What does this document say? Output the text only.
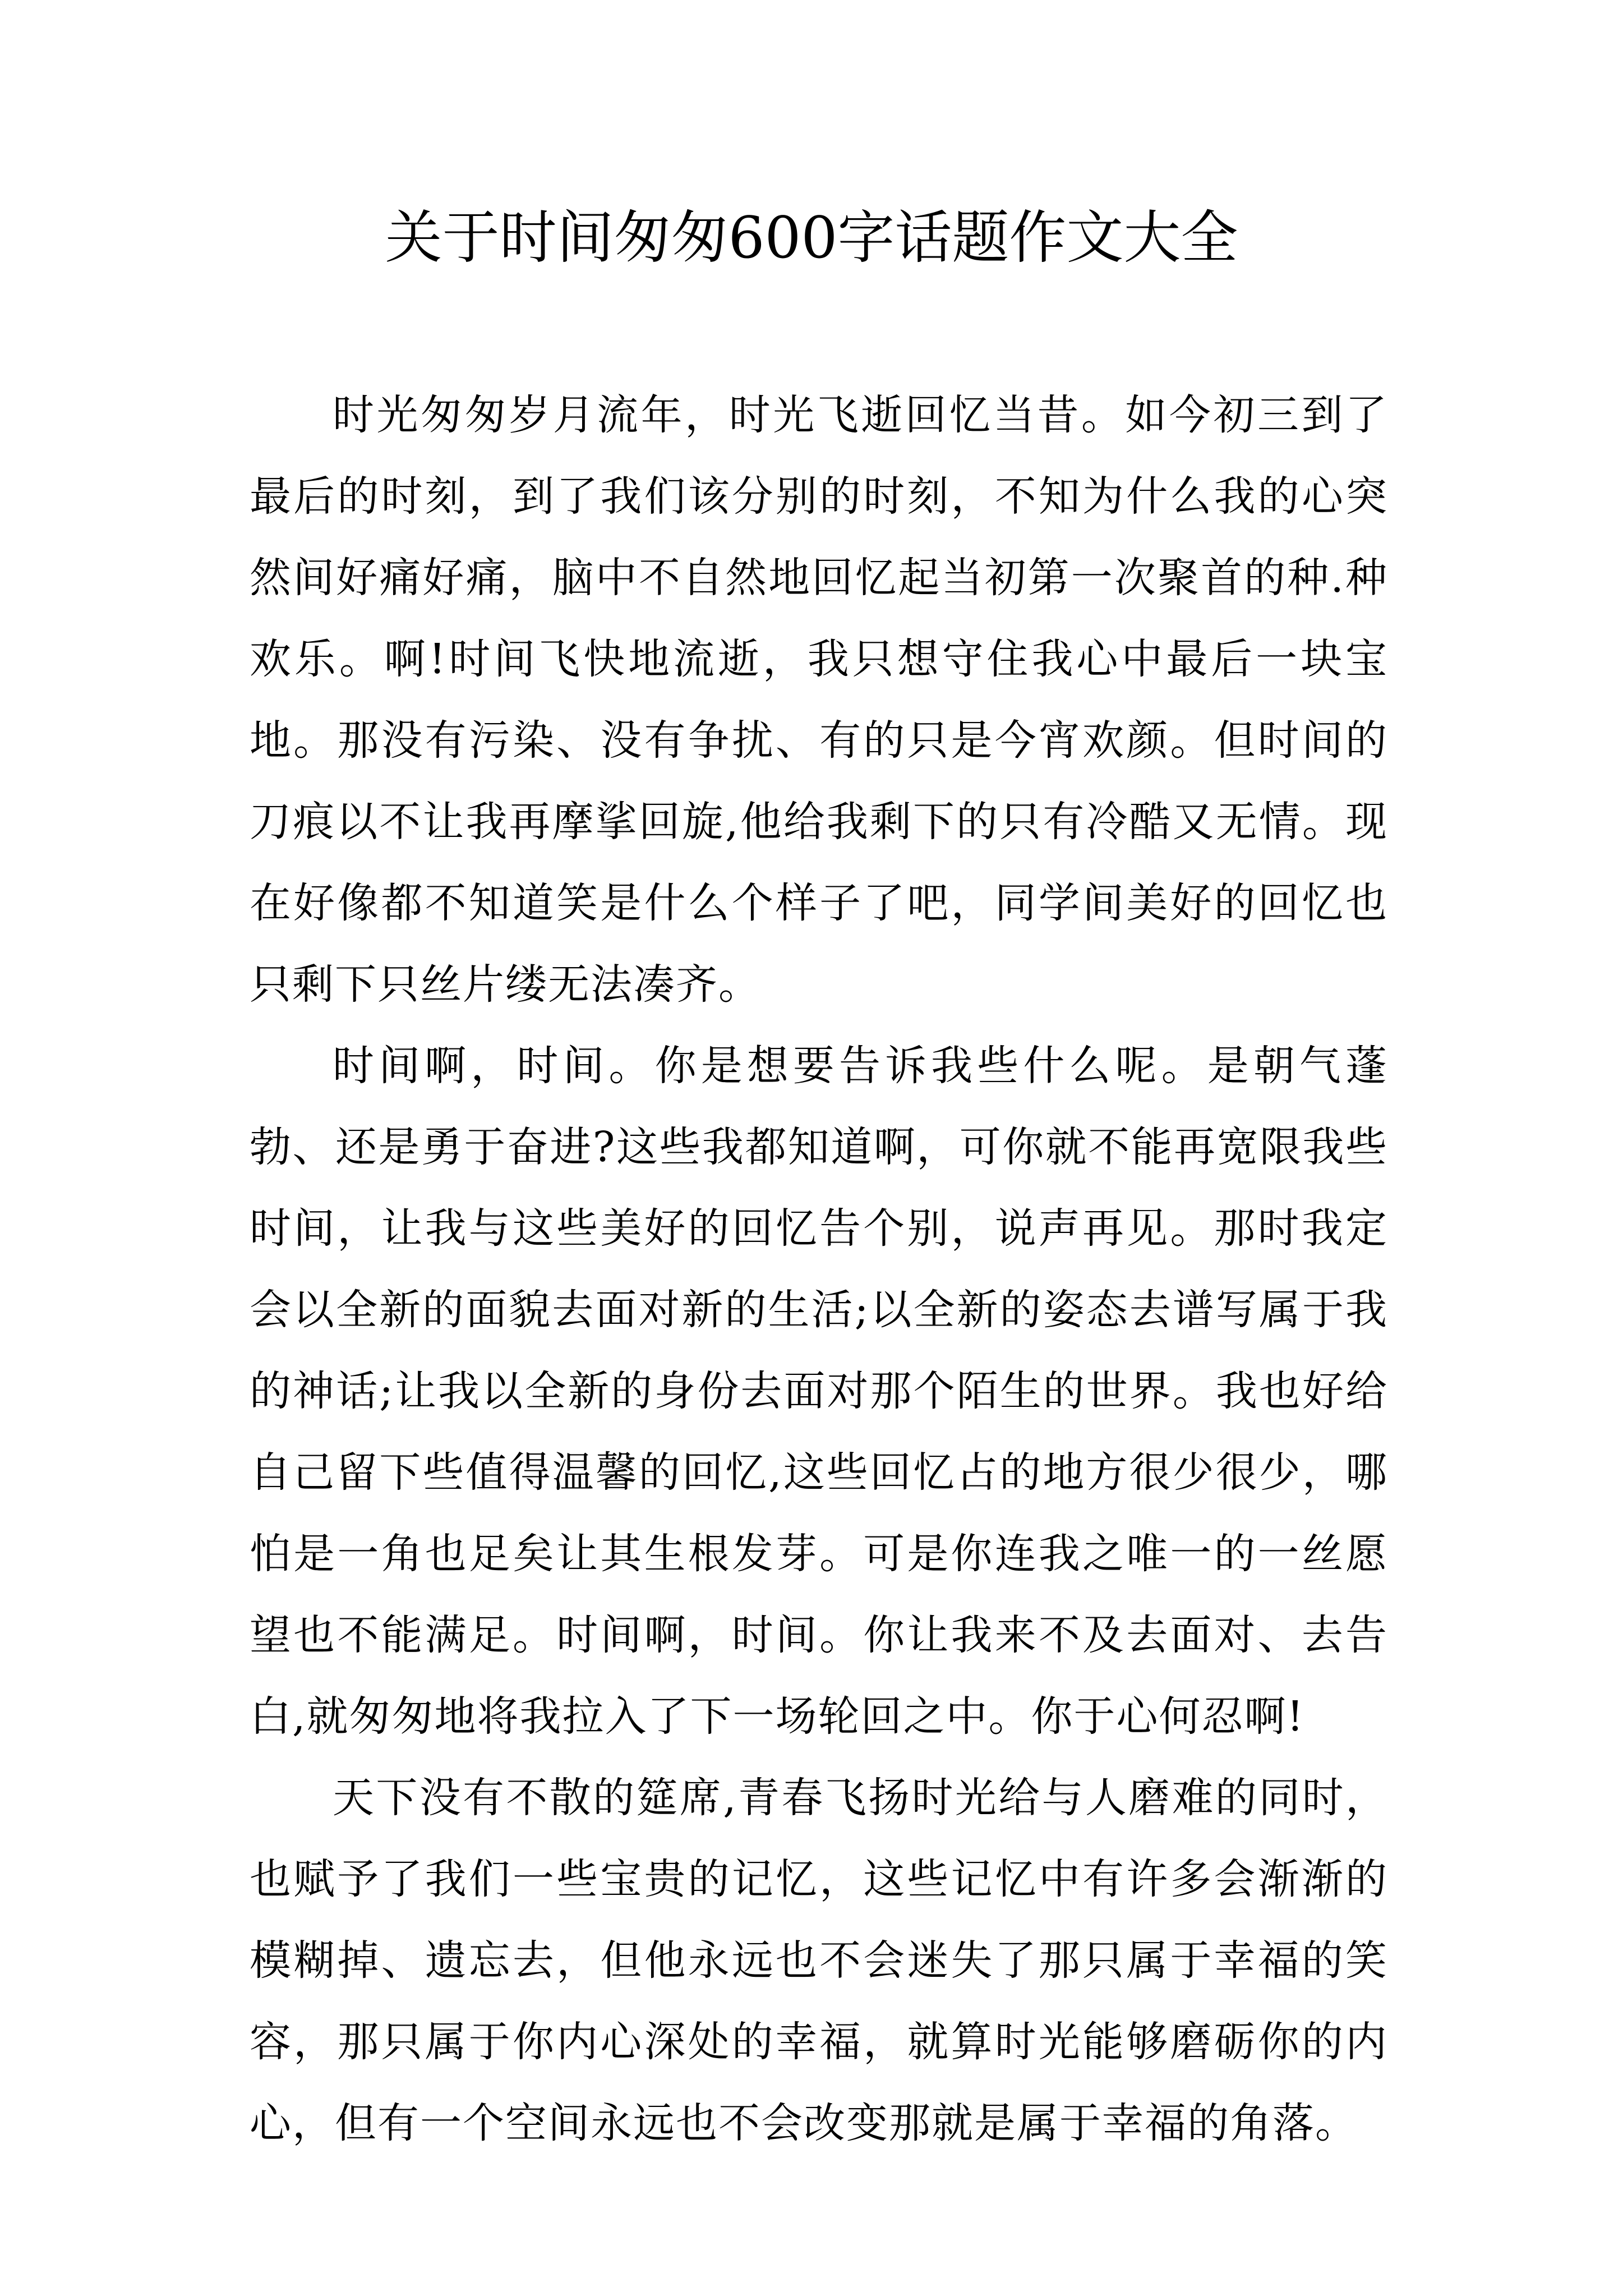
关于时间匆匆600字话题作文大全

时光匆匆岁月流年，时光飞逝回忆当昔。如今初三到了最后的时刻，到了我们该分别的时刻，不知为什么我的心突然间好痛好痛，脑中不自然地回忆起当初第一次聚首的种.种欢乐。啊!时间飞快地流逝，我只想守住我心中最后一块宝地。那没有污染、没有争扰、有的只是今宵欢颜。但时间的刀痕以不让我再摩挲回旋,他给我剩下的只有冷酷又无情。现在好像都不知道笑是什么个样子了吧，同学间美好的回忆也只剩下只丝片缕无法凑齐。

时间啊，时间。你是想要告诉我些什么呢。是朝气蓬勃、还是勇于奋进?这些我都知道啊，可你就不能再宽限我些时间，让我与这些美好的回忆告个别，说声再见。那时我定会以全新的面貌去面对新的生活;以全新的姿态去谱写属于我的神话;让我以全新的身份去面对那个陌生的世界。我也好给自己留下些值得温馨的回忆,这些回忆占的地方很少很少，哪怕是一角也足矣让其生根发芽。可是你连我之唯一的一丝愿望也不能满足。时间啊，时间。你让我来不及去面对、去告白,就匆匆地将我拉入了下一场轮回之中。你于心何忍啊!

天下没有不散的筵席,青春飞扬时光给与人磨难的同时，也赋予了我们一些宝贵的记忆，这些记忆中有许多会渐渐的模糊掉、遗忘去，但他永远也不会迷失了那只属于幸福的笑容，那只属于你内心深处的幸福，就算时光能够磨砺你的内心，但有一个空间永远也不会改变那就是属于幸福的角落。
